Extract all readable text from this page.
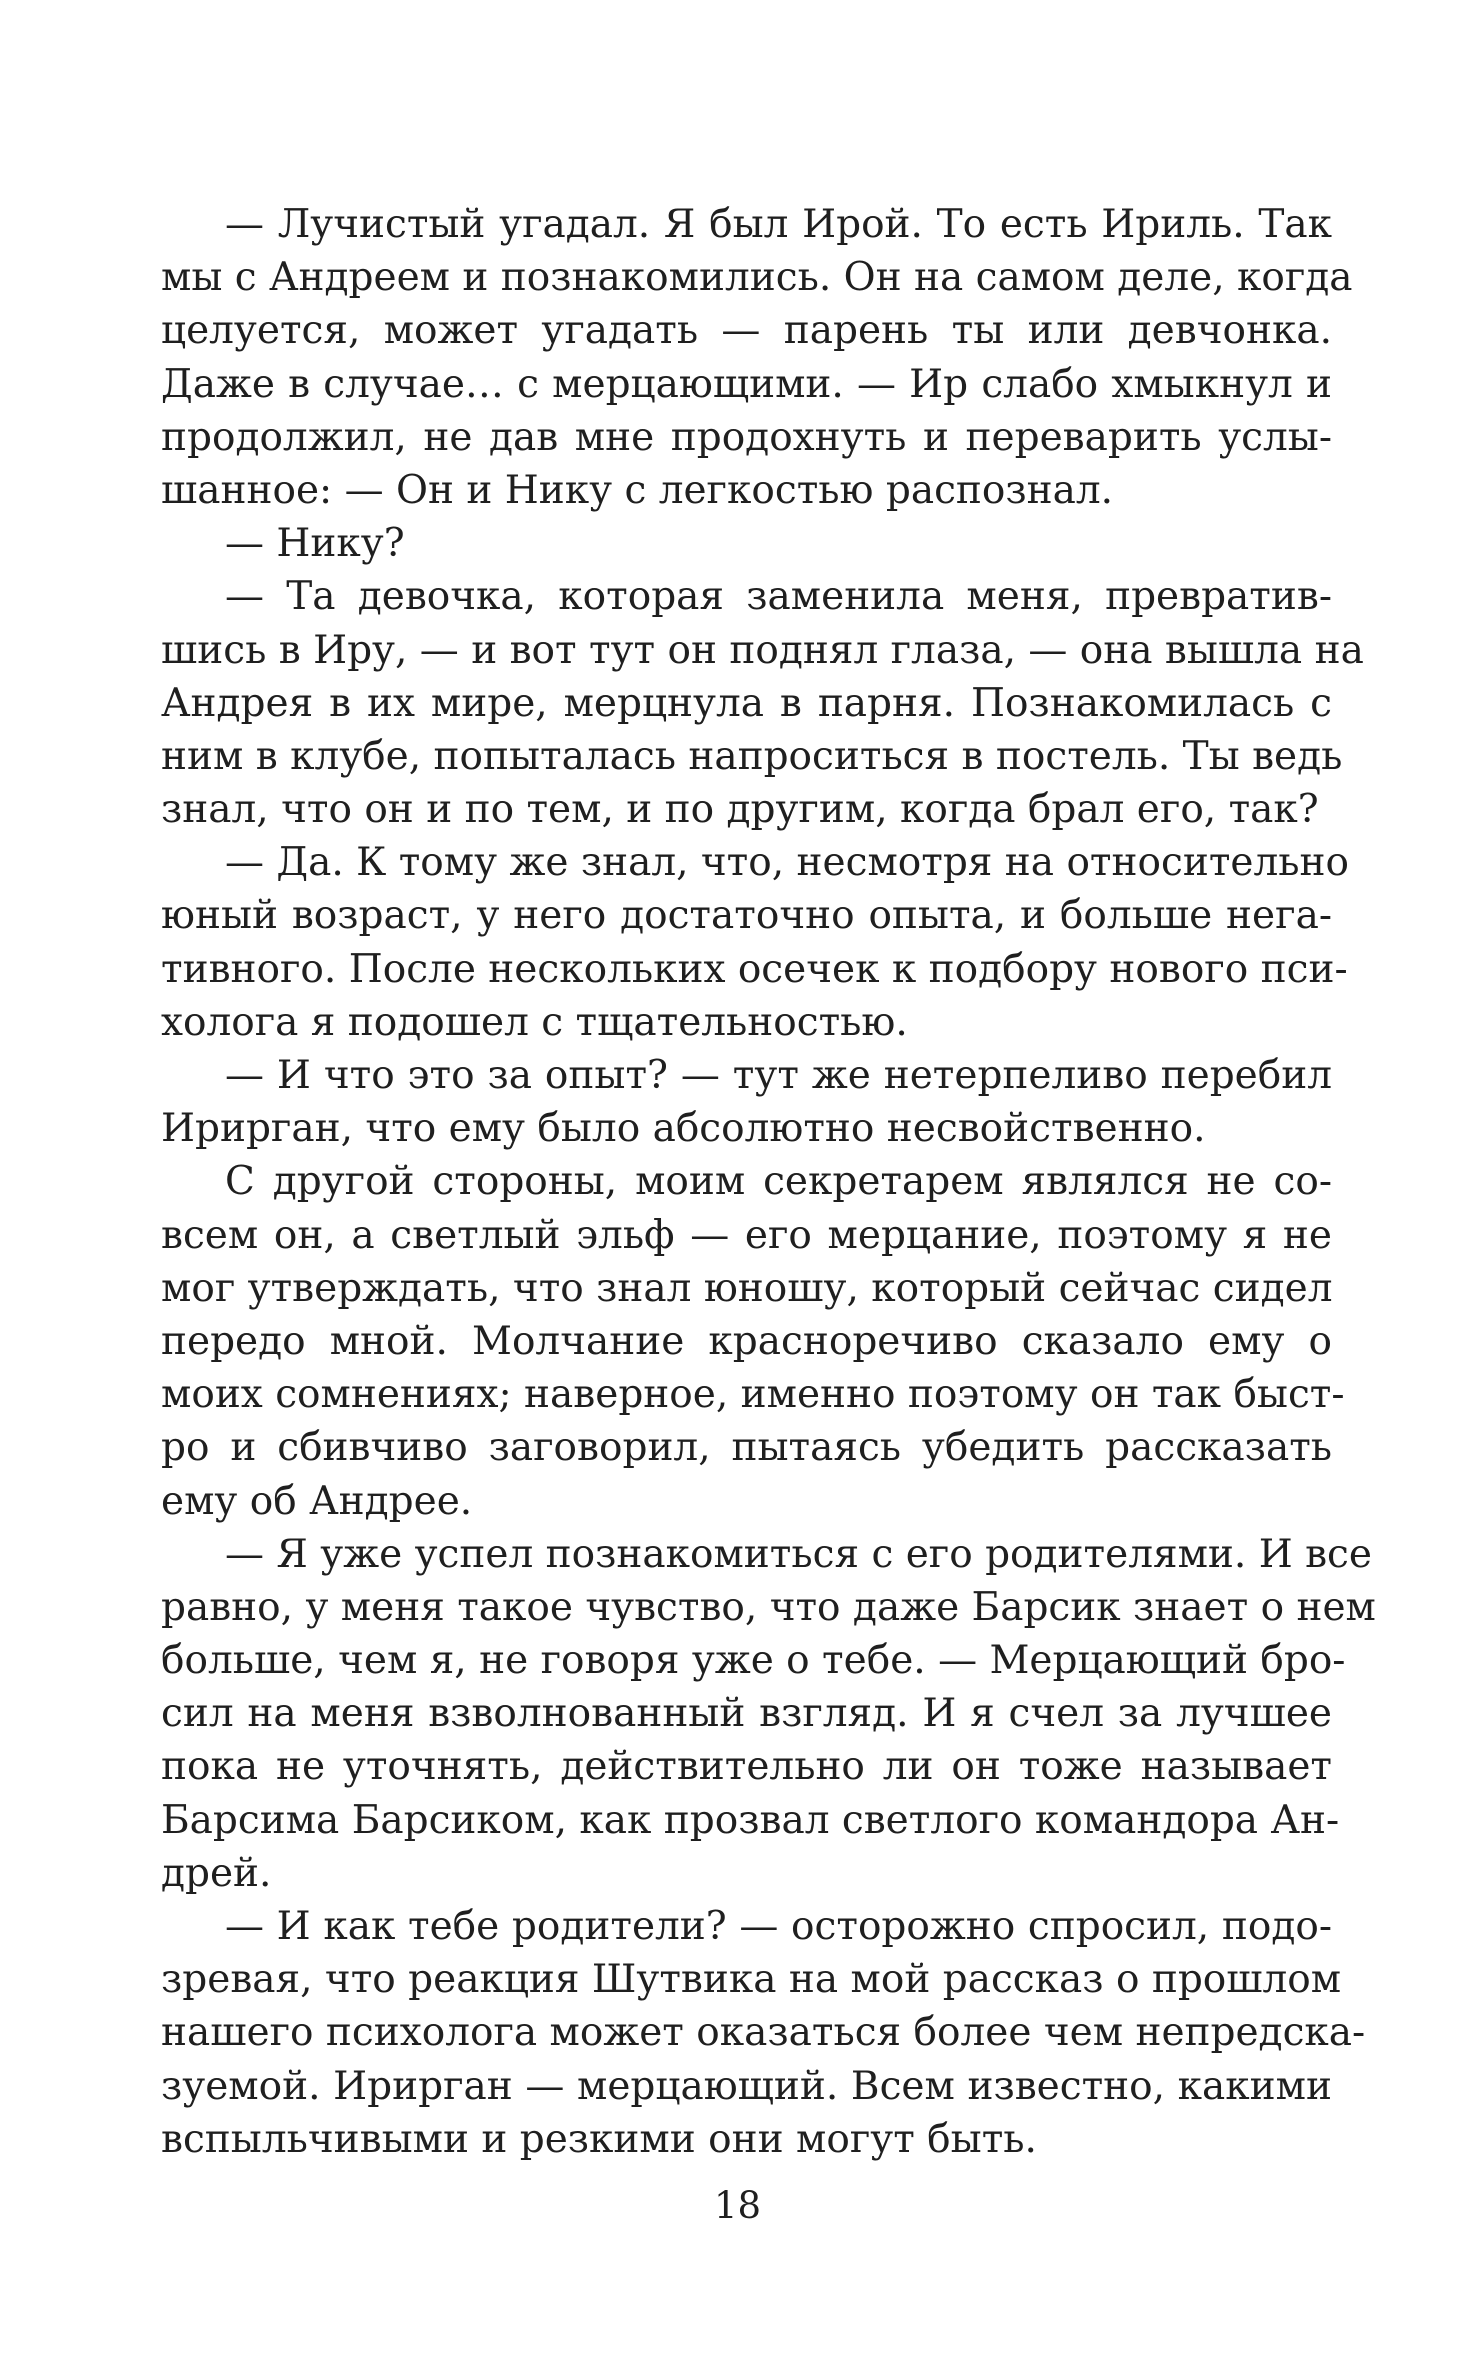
— Лучистый угадал. Я был Ирой. То есть Ириль. Так
мы с Андреем и познакомились. Он на самом деле, когда
целуется, может угадать — парень ты или девчонка.
Даже в случае… с мерцающими. — Ир слабо хмыкнул и
продолжил, не дав мне продохнуть и переварить услы-
шанное: — Он и Нику с легкостью распознал.
— Нику?
— Та девочка, которая заменила меня, превратив-
шись в Иру, — и вот тут он поднял глаза, — она вышла на
Андрея в их мире, мерцнула в парня. Познакомилась с
ним в клубе, попыталась напроситься в постель. Ты ведь
знал, что он и по тем, и по другим, когда брал его, так?
— Да. К тому же знал, что, несмотря на относительно
юный возраст, у него достаточно опыта, и больше нега-
тивного. После нескольких осечек к подбору нового пси-
холога я подошел с тщательностью.
— И что это за опыт? — тут же нетерпеливо перебил
Ирирган, что ему было абсолютно несвойственно.
С другой стороны, моим секретарем являлся не со-
всем он, а светлый эльф — его мерцание, поэтому я не
мог утверждать, что знал юношу, который сейчас сидел
передо мной. Молчание красноречиво сказало ему о
моих сомнениях; наверное, именно поэтому он так быст-
ро и сбивчиво заговорил, пытаясь убедить рассказать
ему об Андрее.
— Я уже успел познакомиться с его родителями. И все
равно, у меня такое чувство, что даже Барсик знает о нем
больше, чем я, не говоря уже о тебе. — Мерцающий бро-
сил на меня взволнованный взгляд. И я счел за лучшее
пока не уточнять, действительно ли он тоже называет
Барсима Барсиком, как прозвал светлого командора Ан-
дрей.
— И как тебе родители? — осторожно спросил, подо-
зревая, что реакция Шутвика на мой рассказ о прошлом
нашего психолога может оказаться более чем непредска-
зуемой. Ирирган — мерцающий. Всем известно, какими
вспыльчивыми и резкими они могут быть.
18
